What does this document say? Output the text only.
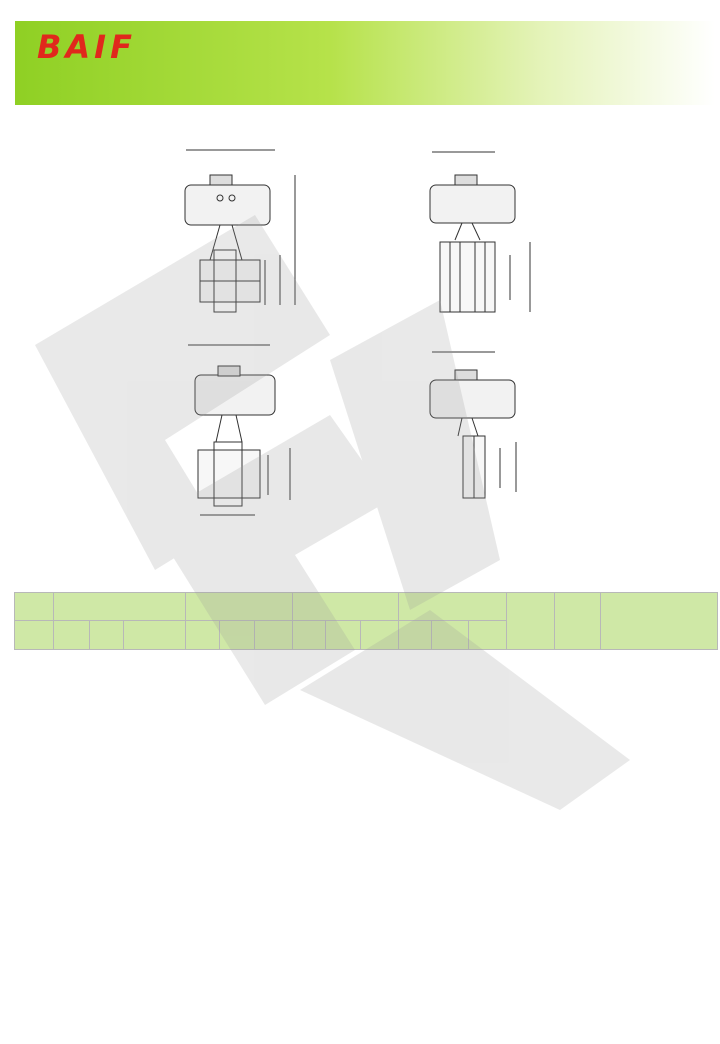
BAIF
